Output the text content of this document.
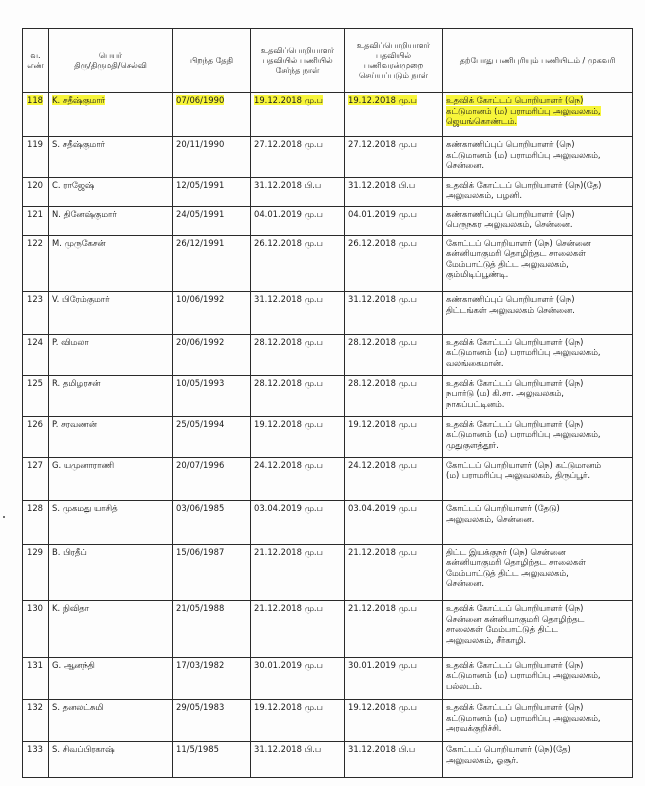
வ.
எண்	பெயர்
திரு/திருமதி/செல்வி	பிறந்த தேதி	உதவிப்பொறியாளர் பதவியில் பணியில் சேர்ந்த நாள்	உதவிப்பொறியாளர் பதவியில் பணிவரன்முறை செய்யப்படும் நாள்	தற்போது பணிபுரியும் பணியிடம் / முகவரி
118	K. சதீஷ்குமார்	07/06/1990	19.12.2018 மு.ப	19.12.2018 மு.ப	உதவிக் கோட்டப் பொறியாளர் (நெ)
கட்டுமானம் (ம) பராமரிப்பு அலுவலகம்,
ஜெயங்கொண்டம்.
119	S. சதீஷ்குமார்	20/11/1990	27.12.2018 மு.ப	27.12.2018 மு.ப	கண்காணிப்புப் பொறியாளர் (நெ)
கட்டுமானம் (ம) பராமரிப்பு அலுவலகம்,
சென்னை.
120	C. ராஜேஷ்	12/05/1991	31.12.2018 பி.ப	31.12.2018 பி.ப	உதவிக் கோட்டப் பொறியாளர் (நெ)(தே)
அலுவலகம், பழனி.
121	N. தினேஷ்குமார்	24/05/1991	04.01.2019 மு.ப	04.01.2019 மு.ப	கண்காணிப்புப் பொறியாளர் (நெ)
பெருநகர அலுவலகம், சென்னை.
122	M. முருகேசன்	26/12/1991	26.12.2018 மு.ப	26.12.2018 மு.ப	கோட்டப் பொறியாளர் (நெ) சென்னை
கன்னியாகுமரி தொழிற்தட சாலைகள்
மேம்பாட்டுத் திட்ட அலுவலகம்,
கும்மிடிப்பூண்டி.
123	V. பிரேம்குமார்	10/06/1992	31.12.2018 மு.ப	31.12.2018 மு.ப	கண்காணிப்புப் பொறியாளர் (நெ)
திட்டங்கள் அலுவலகம் சென்னை.
124	P. விமலா	20/06/1992	28.12.2018 மு.ப	28.12.2018 மு.ப	உதவிக் கோட்டப் பொறியாளர் (நெ)
கட்டுமானம் (ம) பராமரிப்பு அலுவலகம்,
வலங்கைமான்.
125	R. தமிழரசன்	10/05/1993	28.12.2018 மு.ப	28.12.2018 மு.ப	உதவிக் கோட்டப் பொறியாளர் (நெ)
நபார்டு (ம) கி.சா. அலுவலகம்,
நாகப்பட்டினம்.
126	P. சரவணன்	25/05/1994	19.12.2018 மு.ப	19.12.2018 மு.ப	உதவிக் கோட்டப் பொறியாளர் (நெ)
கட்டுமானம் (ம) பராமரிப்பு அலுவலகம்,
முதுகுளத்தூர்.
127	G. யமுனாராணி	20/07/1996	24.12.2018 மு.ப	24.12.2018 மு.ப	கோட்டப் பொறியாளர் (நெ) கட்டுமானம்
(ம) பராமரிப்பு அலுவலகம், திருப்பூர்.
128	S. முகமது யாசித்	03/06/1985	03.04.2019 மு.ப	03.04.2019 மு.ப	கோட்டப் பொறியாளர் (தேடு)
அலுவலகம், சென்னை.
129	B. பிரதீப்	15/06/1987	21.12.2018 மு.ப	21.12.2018 மு.ப	திட்ட இயக்குநர் (நெ) சென்னை
கன்னியாகுமரி தொழிற்தட சாலைகள்
மேம்பாட்டுத் திட்ட அலுவலகம்,
சென்னை.
130	K. நிவிதா	21/05/1988	21.12.2018 மு.ப	21.12.2018 மு.ப	உதவிக் கோட்டப் பொறியாளர் (நெ)
சென்னை கன்னியாகுமரி தொழிற்தட
சாலைகள் மேம்பாட்டுத் திட்ட
அலுவலகம், சீர்காழி.
131	G. ஆனந்தி	17/03/1982	30.01.2019 மு.ப	30.01.2019 மு.ப	உதவிக் கோட்டப் பொறியாளர் (நெ)
கட்டுமானம் (ம) பராமரிப்பு அலுவலகம்,
பல்லடம்.
132	S. தனலட்சுமி	29/05/1983	19.12.2018 மு.ப	19.12.2018 மு.ப	உதவிக் கோட்டப் பொறியாளர் (நெ)
கட்டுமானம் (ம) பராமரிப்பு அலுவலகம்,
அரவக்குறிச்சி.
133	S. சிவப்பிரகாஷ்	11/5/1985	31.12.2018 பி.ப	31.12.2018 பி.ப	கோட்டப் பொறியாளர் (நெ)(தே)
அலுவலகம், ஓசூர்.
